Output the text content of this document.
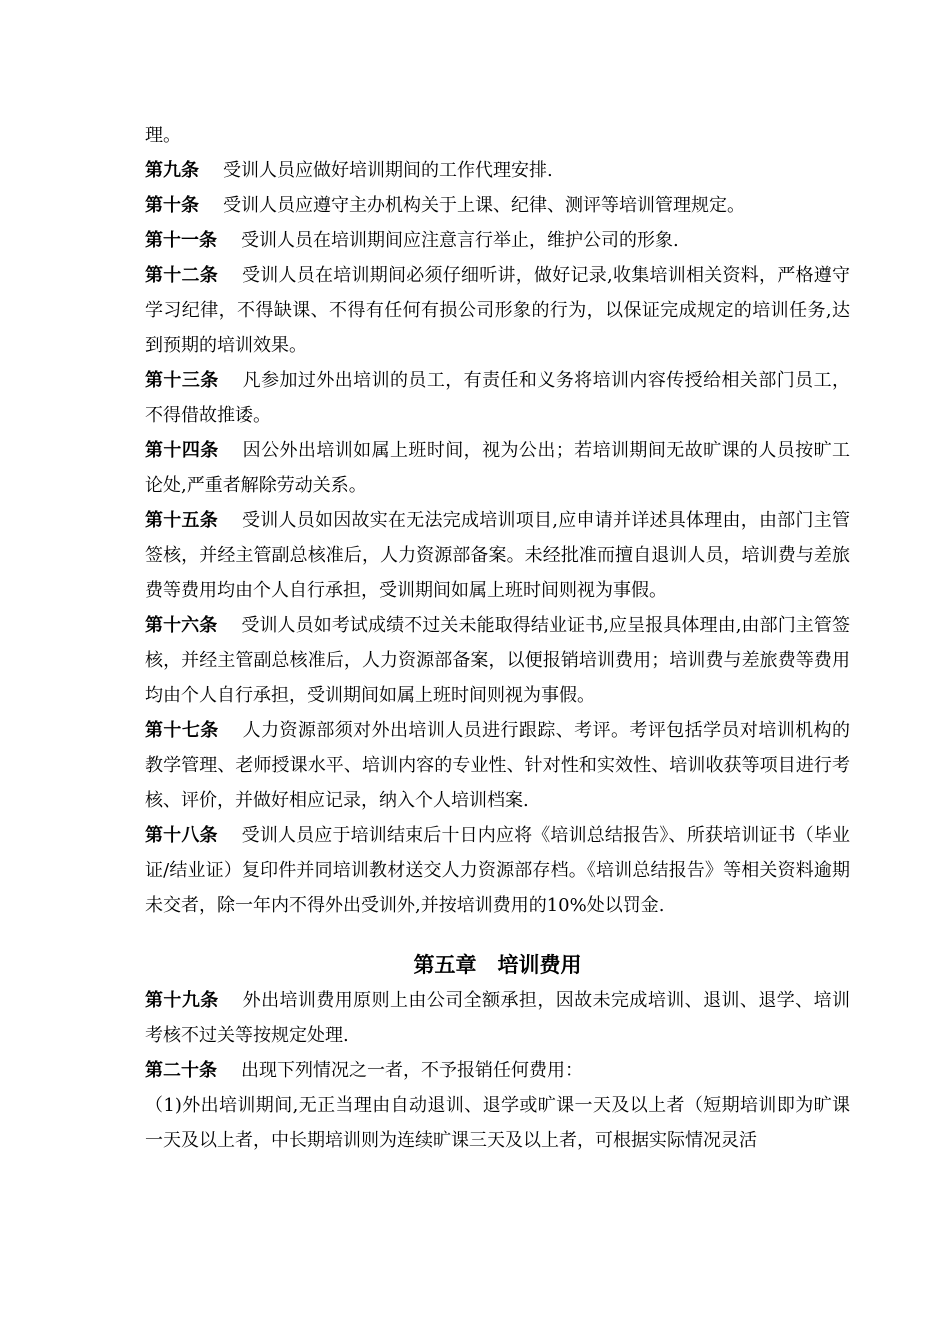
理。

第九条 受训人员应做好培训期间的工作代理安排.

第十条 受训人员应遵守主办机构关于上课、纪律、测评等培训管理规定。

第十一条 受训人员在培训期间应注意言行举止，维护公司的形象.

第十二条 受训人员在培训期间必须仔细听讲，做好记录,收集培训相关资料，严格遵守学习纪律，不得缺课、不得有任何有损公司形象的行为，以保证完成规定的培训任务,达到预期的培训效果。

第十三条 凡参加过外出培训的员工，有责任和义务将培训内容传授给相关部门员工，不得借故推诿。

第十四条 因公外出培训如属上班时间，视为公出；若培训期间无故旷课的人员按旷工论处,严重者解除劳动关系。

第十五条 受训人员如因故实在无法完成培训项目,应申请并详述具体理由，由部门主管签核，并经主管副总核准后，人力资源部备案。未经批准而擅自退训人员，培训费与差旅费等费用均由个人自行承担，受训期间如属上班时间则视为事假。

第十六条 受训人员如考试成绩不过关未能取得结业证书,应呈报具体理由,由部门主管签核，并经主管副总核准后，人力资源部备案，以便报销培训费用；培训费与差旅费等费用均由个人自行承担，受训期间如属上班时间则视为事假。

第十七条 人力资源部须对外出培训人员进行跟踪、考评。考评包括学员对培训机构的教学管理、老师授课水平、培训内容的专业性、针对性和实效性、培训收获等项目进行考核、评价，并做好相应记录，纳入个人培训档案.

第十八条 受训人员应于培训结束后十日内应将《培训总结报告》、所获培训证书（毕业证/结业证）复印件并同培训教材送交人力资源部存档。《培训总结报告》等相关资料逾期未交者，除一年内不得外出受训外,并按培训费用的10%处以罚金.

第五章　培训费用

第十九条 外出培训费用原则上由公司全额承担，因故未完成培训、退训、退学、培训考核不过关等按规定处理.

第二十条 出现下列情况之一者，不予报销任何费用：

（1)外出培训期间,无正当理由自动退训、退学或旷课一天及以上者（短期培训即为旷课一天及以上者，中长期培训则为连续旷课三天及以上者，可根据实际情况灵活
